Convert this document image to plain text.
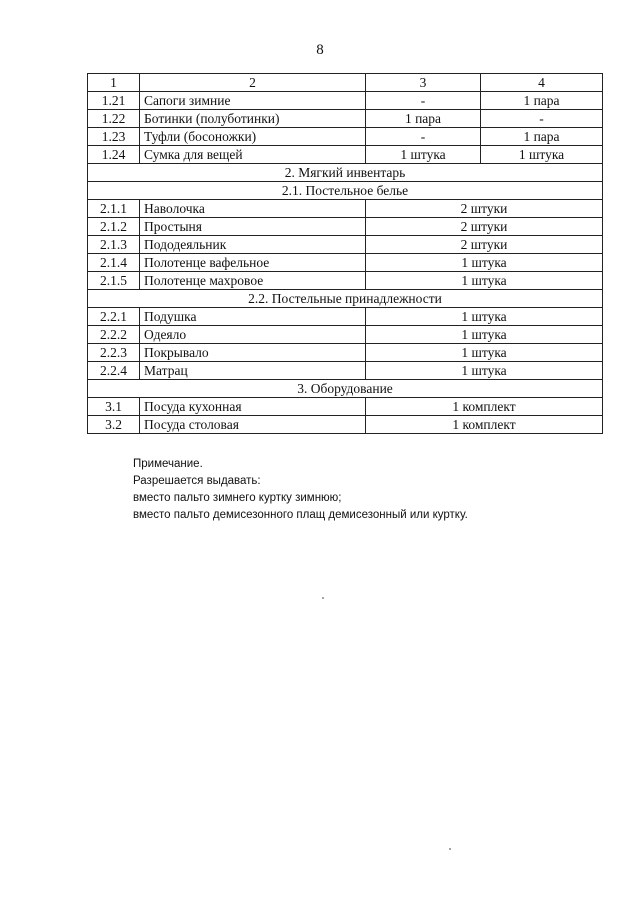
8
1	2	3	4
1.21	Сапоги зимние	-	1 пара
1.22	Ботинки (полуботинки)	1 пара	-
1.23	Туфли (босоножки)	-	1 пара
1.24	Сумка для вещей	1 штука	1 штука
2. Мягкий инвентарь			
2.1. Постельное белье			
2.1.1	Наволочка	2 штуки	
2.1.2	Простыня	2 штуки	
2.1.3	Пододеяльник	2 штуки	
2.1.4	Полотенце вафельное	1 штука	
2.1.5	Полотенце махровое	1 штука	
2.2. Постельные принадлежности			
2.2.1	Подушка	1 штука	
2.2.2	Одеяло	1 штука	
2.2.3	Покрывало	1 штука	
2.2.4	Матрац	1 штука	
3. Оборудование			
3.1	Посуда кухонная	1 комплект	
3.2	Посуда столовая	1 комплект	
Примечание.
Разрешается выдавать:
вместо пальто зимнего куртку зимнюю;
вместо пальто демисезонного плащ демисезонный или куртку.
